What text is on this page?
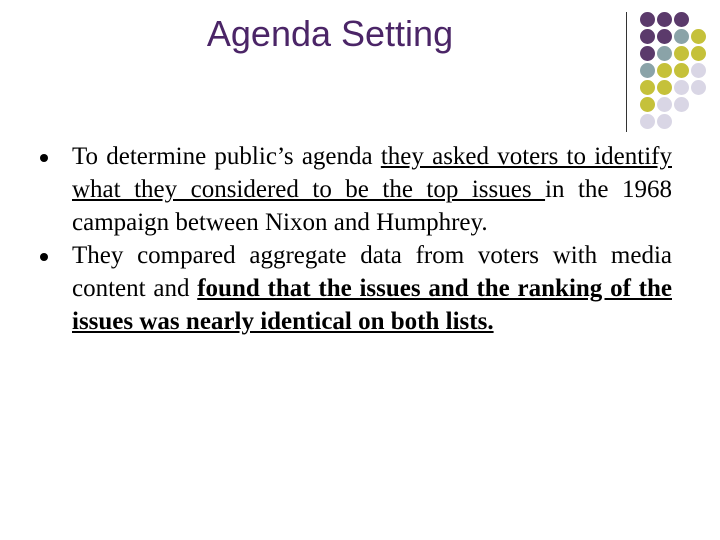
Agenda Setting
To determine public’s agenda they asked voters to identify what they considered to be the top issues in the 1968 campaign between Nixon and Humphrey.
They compared aggregate data from voters with media content and found that the issues and the ranking of the issues was nearly identical on both lists.
